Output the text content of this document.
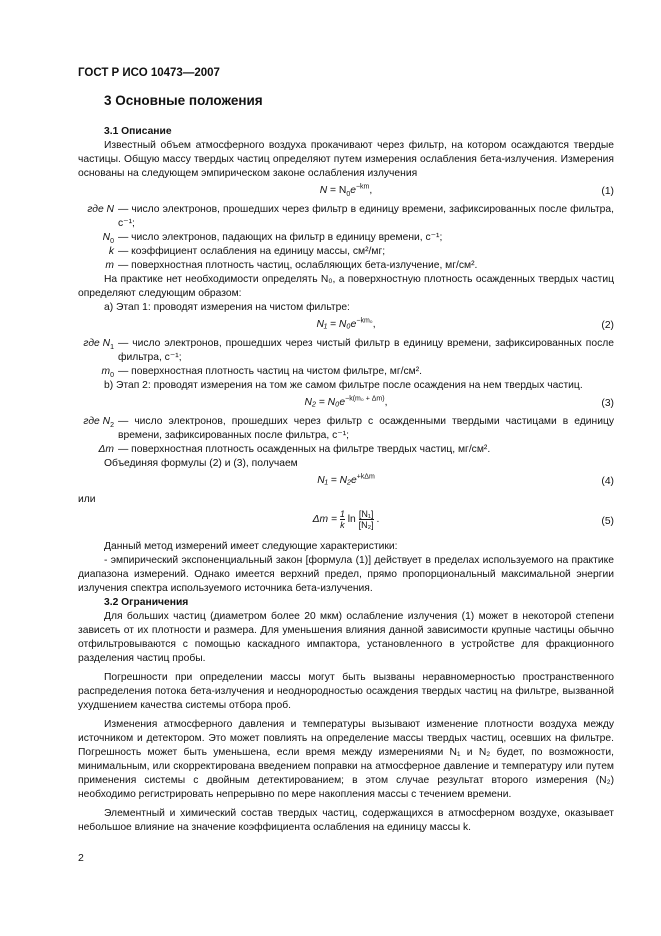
ГОСТ Р ИСО 10473—2007
3 Основные положения

3.1 Описание

Известный объем атмосферного воздуха прокачивают через фильтр, на котором осаждаются твердые частицы. Общую массу твердых частиц определяют путем измерения ослабления бета-излучения. Измерения основаны на следующем эмпирическом законе ослабления излучения

$N = N_0e^{-km}$,	(1)
где N — число электронов, прошедших через фильтр в единицу времени, зафиксированных после фильтра, с⁻¹;
$N_0$ — число электронов, падающих на фильтр в единицу времени, с⁻¹;
k — коэффициент ослабления на единицу массы, см²/мг;
m — поверхностная плотность частиц, ослабляющих бета-излучение, мг/см².

На практике нет необходимости определять N₀, а поверхностную плотность осажденных твердых частиц определяют следующим образом:

а) Этап 1: проводят измерения на чистом фильтре:

$N_1 = N_0e^{-km_0}$,	(2)
где $N_1$ — число электронов, прошедших через чистый фильтр в единицу времени, зафиксированных после фильтра, с⁻¹;
$m_0$ — поверхностная плотность частиц на чистом фильтре, мг/см².

b) Этап 2: проводят измерения на том же самом фильтре после осаждения на нем твердых частиц.

$N_2 = N_0e^{-k(m_0 + \Delta m)}$,	(3)
где $N_2$ — число электронов, прошедших через фильтр с осажденными твердыми частицами в единицу времени, зафиксированных после фильтра, с⁻¹;
Δm — поверхностная плотность осажденных на фильтре твердых частиц, мг/см².

Объединяя формулы (2) и (3), получаем

$N_1 = N_2e^{+k\Delta m}$	(4)

или

$\Delta m = \frac{1}{k}$ $\ln \frac{\text{[N₁]}}{\text{[N₂]}}$ .	(5)

Данный метод измерений имеет следующие характеристики:

- эмпирический экспоненциальный закон [формула (1)] действует в пределах используемого на практике диапазона измерений. Однако имеется верхний предел, прямо пропорциональный максимальной энергии излучения спектра используемого источника бета-излучения.

3.2 Ограничения

Для больших частиц (диаметром более 20 мкм) ослабление излучения (1) может в некоторой степени зависеть от их плотности и размера. Для уменьшения влияния данной зависимости крупные частицы обычно отфильтровываются с помощью каскадного импактора, установленного в устройстве для фракционного разделения частиц пробы.

Погрешности при определении массы могут быть вызваны неравномерностью пространственного распределения потока бета-излучения и неоднородностью осаждения твердых частиц на фильтре, вызванной ухудшением качества системы отбора проб.

Изменения атмосферного давления и температуры вызывают изменение плотности воздуха между источником и детектором. Это может повлиять на определение массы твердых частиц, осевших на фильтре. Погрешность может быть уменьшена, если время между измерениями N₁ и N₂ будет, по возможности, минимальным, или скорректирована введением поправки на атмосферное давление и температуру или путем применения системы с двойным детектированием; в этом случае результат второго измерения (N₂) необходимо регистрировать непрерывно по мере накопления массы с течением времени.

Элементный и химический состав твердых частиц, содержащихся в атмосферном воздухе, оказывает небольшое влияние на значение коэффициента ослабления на единицу массы k.

2
